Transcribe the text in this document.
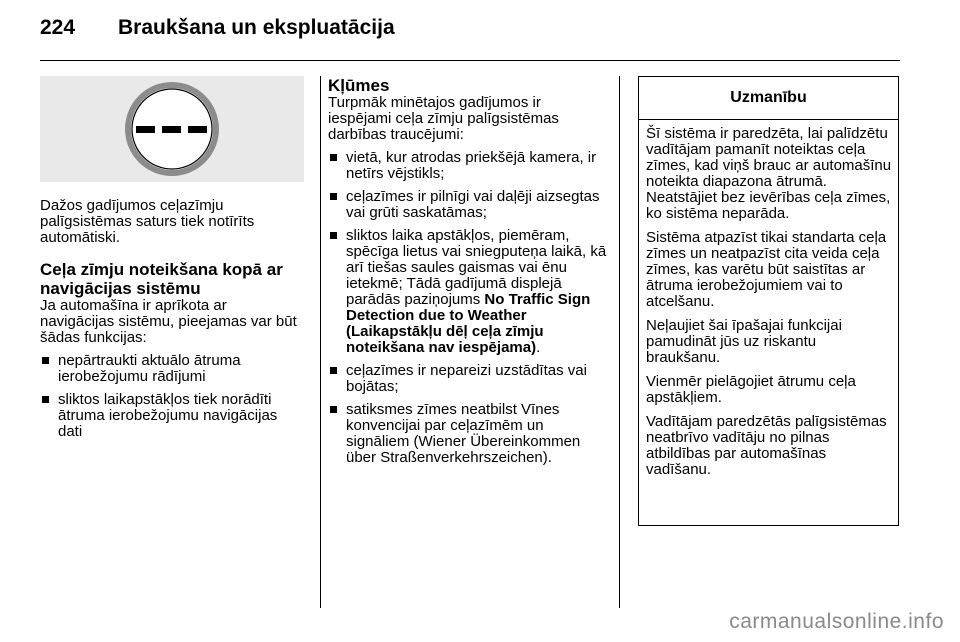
224 Braukšana un ekspluatācija

Dažos gadījumos ceļazīmju palīgsistēmas saturs tiek notīrīts automātiski.

Ceļa zīmju noteikšana kopā ar navigācijas sistēmu

Ja automašīna ir aprīkota ar navigācijas sistēmu, pieejamas var būt šādas funkcijas:

nepārtraukti aktuālo ātruma ierobežojumu rādījumi
sliktos laikapstākļos tiek norādīti ātruma ierobežojumu navigācijas dati
Kļūmes

Turpmāk minētajos gadījumos ir iespējami ceļa zīmju palīgsistēmas darbības traucējumi:

vietā, kur atrodas priekšējā kamera, ir netīrs vējstikls;
ceļazīmes ir pilnīgi vai daļēji aizsegtas vai grūti saskatāmas;
sliktos laika apstākļos, piemēram, spēcīga lietus vai sniegputeņa laikā, kā arī tiešas saules gaismas vai ēnu ietekmē; Tādā gadījumā displejā parādās paziņojums No Traffic Sign Detection due to Weather (Laikapstākļu dēļ ceļa zīmju noteikšana nav iespējama).
ceļazīmes ir nepareizi uzstādītas vai bojātas;
satiksmes zīmes neatbilst Vīnes konvencijai par ceļazīmēm un signāliem (Wiener Übereinkommen über Straßenverkehrszeichen).
Uzmanību

Šī sistēma ir paredzēta, lai palīdzētu vadītājam pamanīt noteiktas ceļa zīmes, kad viņš brauc ar automašīnu noteikta diapazona ātrumā. Neatstājiet bez ievērības ceļa zīmes, ko sistēma neparāda.

Sistēma atpazīst tikai standarta ceļa zīmes un neatpazīst cita veida ceļa zīmes, kas varētu būt saistītas ar ātruma ierobežojumiem vai to atcelšanu.

Neļaujiet šai īpašajai funkcijai pamudināt jūs uz riskantu braukšanu.

Vienmēr pielāgojiet ātrumu ceļa apstākļiem.

Vadītājam paredzētās palīgsistēmas neatbrīvo vadītāju no pilnas atbildības par automašīnas vadīšanu.

carmanualsonline.info
